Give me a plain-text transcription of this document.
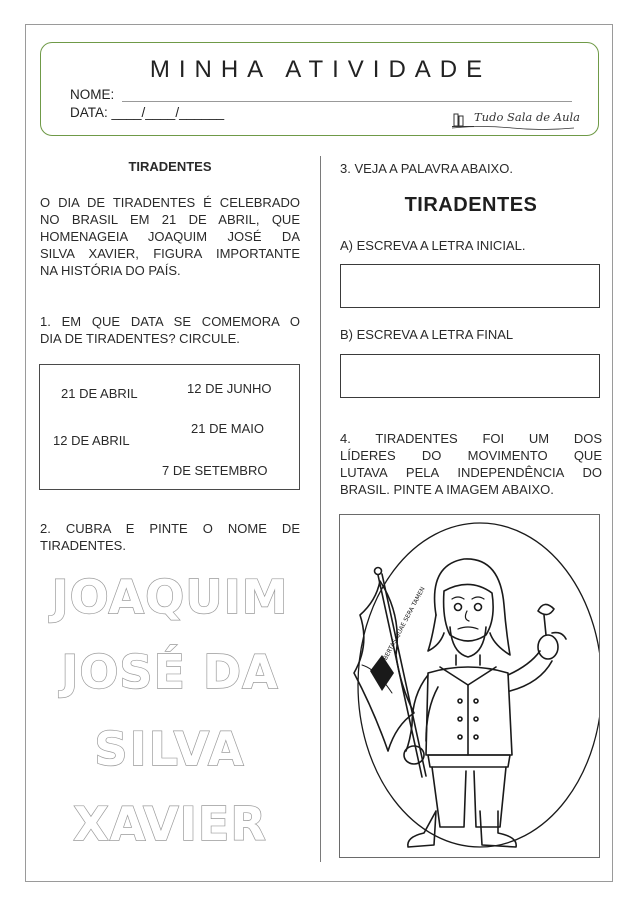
MINHA ATIVIDADE
NOME:
DATA: ____/____/______	Tudo Sala de Aula
TIRADENTES
O DIA DE TIRADENTES É CELEBRADO
NO BRASIL EM 21 DE ABRIL, QUE
HOMENAGEIA JOAQUIM JOSÉ DA
SILVA XAVIER, FIGURA IMPORTANTE
NA HISTÓRIA DO PAÍS.
1. EM QUE DATA SE COMEMORA O
DIA DE TIRADENTES? CIRCULE.
21 DE ABRIL	12 DE JUNHO
21 DE MAIO
12 DE ABRIL
7 DE SETEMBRO
2. CUBRA E PINTE O NOME DE
TIRADENTES.
JOAQUIM
JOSÉ DA
SILVA
XAVIER
3. VEJA A PALAVRA ABAIXO.
TIRADENTES
A) ESCREVA A LETRA INICIAL.
B) ESCREVA A LETRA FINAL
4. TIRADENTES FOI UM DOS
LÍDERES DO MOVIMENTO QUE
LUTAVA PELA INDEPENDÊNCIA DO
BRASIL. PINTE A IMAGEM ABAIXO.
LIBERTAS QUAE SERA TAMEN
